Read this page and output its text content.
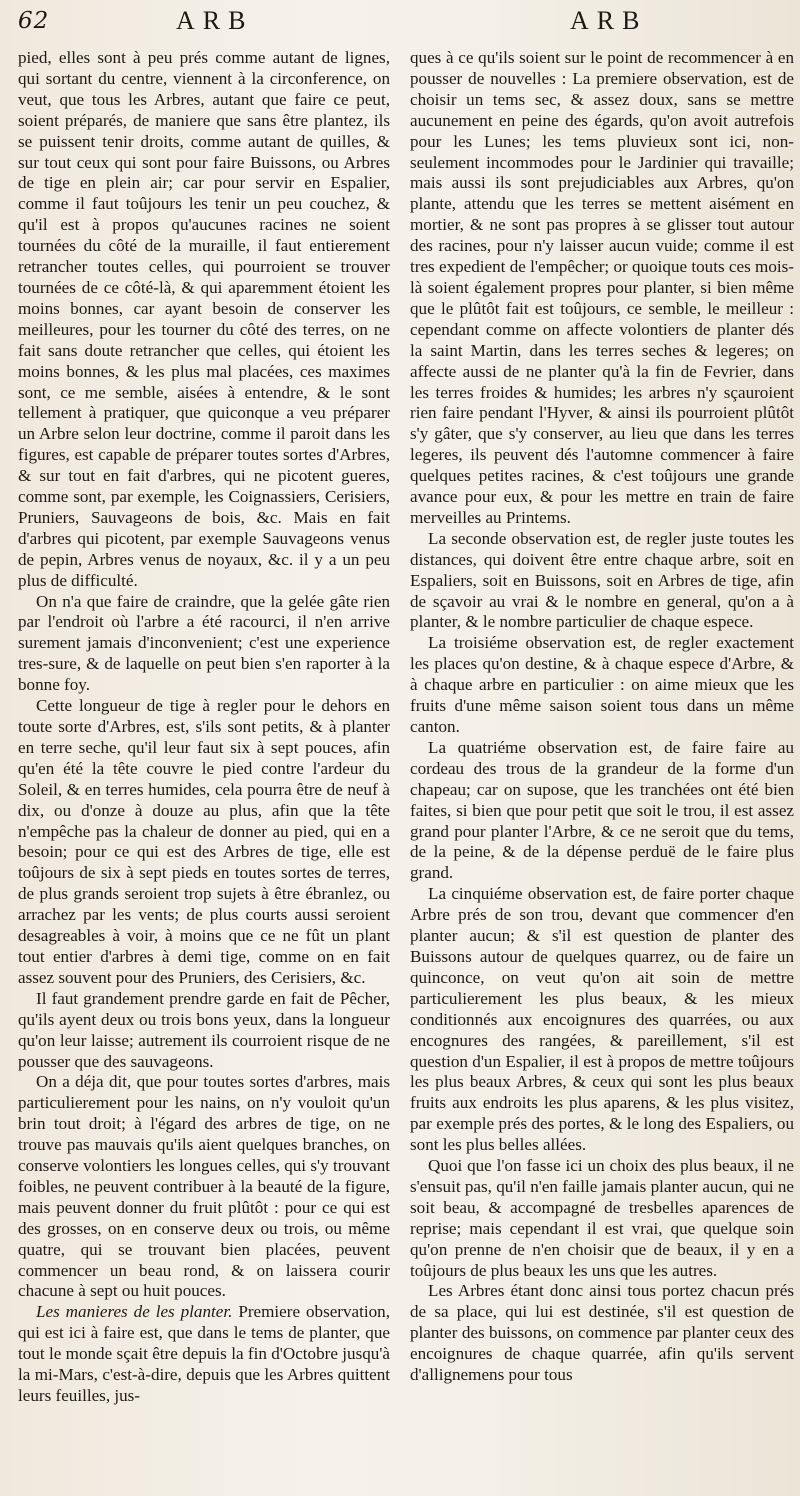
62	ARB	ARB

pied, elles sont à peu prés comme autant de lignes, qui sortant du centre, viennent à la circonference, on veut, que tous les Arbres, autant que faire ce peut, soient préparés, de maniere que sans être plantez, ils se puissent tenir droits, comme autant de quilles, & sur tout ceux qui sont pour faire Buissons, ou Arbres de tige en plein air; car pour servir en Espalier, comme il faut toûjours les tenir un peu couchez, & qu'il est à propos qu'aucunes racines ne soient tournées du côté de la muraille, il faut entierement retrancher toutes celles, qui pourroient se trouver tournées de ce côté-là, & qui aparemment étoient les moins bonnes, car ayant besoin de conserver les meilleures, pour les tourner du côté des terres, on ne fait sans doute retrancher que celles, qui étoient les moins bonnes, & les plus mal placées, ces maximes sont, ce me semble, aisées à entendre, & le sont tellement à pratiquer, que quiconque a veu préparer un Arbre selon leur doctrine, comme il paroit dans les figures, est capable de préparer toutes sortes d'Arbres, & sur tout en fait d'arbres, qui ne picotent gueres, comme sont, par exemple, les Coignassiers, Cerisiers, Pruniers, Sauvageons de bois, &c. Mais en fait d'arbres qui picotent, par exemple Sauvageons venus de pepin, Arbres venus de noyaux, &c. il y a un peu plus de difficulté.

On n'a que faire de craindre, que la gelée gâte rien par l'endroit où l'arbre a été racourci, il n'en arrive surement jamais d'inconvenient; c'est une experience tres-sure, & de laquelle on peut bien s'en raporter à la bonne foy.

Cette longueur de tige à regler pour le dehors en toute sorte d'Arbres, est, s'ils sont petits, & à planter en terre seche, qu'il leur faut six à sept pouces, afin qu'en été la tête couvre le pied contre l'ardeur du Soleil, & en terres humides, cela pourra être de neuf à dix, ou d'onze à douze au plus, afin que la tête n'empêche pas la chaleur de donner au pied, qui en a besoin; pour ce qui est des Arbres de tige, elle est toûjours de six à sept pieds en toutes sortes de terres, de plus grands seroient trop sujets à être ébranlez, ou arrachez par les vents; de plus courts aussi seroient desagreables à voir, à moins que ce ne fût un plant tout entier d'arbres à demi tige, comme on en fait assez souvent pour des Pruniers, des Cerisiers, &c.

Il faut grandement prendre garde en fait de Pêcher, qu'ils ayent deux ou trois bons yeux, dans la longueur qu'on leur laisse; autrement ils courroient risque de ne pousser que des sauvageons.

On a déja dit, que pour toutes sortes d'arbres, mais particulierement pour les nains, on n'y vouloit qu'un brin tout droit; à l'égard des arbres de tige, on ne trouve pas mauvais qu'ils aient quelques branches, on conserve volontiers les longues celles, qui s'y trouvant foibles, ne peuvent contribuer à la beauté de la figure, mais peuvent donner du fruit plûtôt : pour ce qui est des grosses, on en conserve deux ou trois, ou même quatre, qui se trouvant bien placées, peuvent commencer un beau rond, & on laissera courir chacune à sept ou huit pouces.

Les manieres de les planter. Premiere observation, qui est ici à faire est, que dans le tems de planter, que tout le monde sçait être depuis la fin d'Octobre jusqu'à la mi-Mars, c'est-à-dire, depuis que les Arbres quittent leurs feuilles, jus-

ques à ce qu'ils soient sur le point de recommencer à en pousser de nouvelles : La premiere observation, est de choisir un tems sec, & assez doux, sans se mettre aucunement en peine des égards, qu'on avoit autrefois pour les Lunes; les tems pluvieux sont ici, non-seulement incommodes pour le Jardinier qui travaille; mais aussi ils sont prejudiciables aux Arbres, qu'on plante, attendu que les terres se mettent aisément en mortier, & ne sont pas propres à se glisser tout autour des racines, pour n'y laisser aucun vuide; comme il est tres expedient de l'empêcher; or quoique touts ces mois-là soient également propres pour planter, si bien même que le plûtôt fait est toûjours, ce semble, le meilleur : cependant comme on affecte volontiers de planter dés la saint Martin, dans les terres seches & legeres; on affecte aussi de ne planter qu'à la fin de Fevrier, dans les terres froides & humides; les arbres n'y sçauroient rien faire pendant l'Hyver, & ainsi ils pourroient plûtôt s'y gâter, que s'y conserver, au lieu que dans les terres legeres, ils peuvent dés l'automne commencer à faire quelques petites racines, & c'est toûjours une grande avance pour eux, & pour les mettre en train de faire merveilles au Printems.

La seconde observation est, de regler juste toutes les distances, qui doivent être entre chaque arbre, soit en Espaliers, soit en Buissons, soit en Arbres de tige, afin de sçavoir au vrai & le nombre en general, qu'on a à planter, & le nombre particulier de chaque espece.

La troisiéme observation est, de regler exactement les places qu'on destine, & à chaque espece d'Arbre, & à chaque arbre en particulier : on aime mieux que les fruits d'une même saison soient tous dans un même canton.

La quatriéme observation est, de faire faire au cordeau des trous de la grandeur de la forme d'un chapeau; car on supose, que les tranchées ont été bien faites, si bien que pour petit que soit le trou, il est assez grand pour planter l'Arbre, & ce ne seroit que du tems, de la peine, & de la dépense perduë de le faire plus grand.

La cinquiéme observation est, de faire porter chaque Arbre prés de son trou, devant que commencer d'en planter aucun; & s'il est question de planter des Buissons autour de quelques quarrez, ou de faire un quinconce, on veut qu'on ait soin de mettre particulierement les plus beaux, & les mieux conditionnés aux encoignures des quarrées, ou aux encognures des rangées, & pareillement, s'il est question d'un Espalier, il est à propos de mettre toûjours les plus beaux Arbres, & ceux qui sont les plus beaux fruits aux endroits les plus aparens, & les plus visitez, par exemple prés des portes, & le long des Espaliers, ou sont les plus belles allées.

Quoi que l'on fasse ici un choix des plus beaux, il ne s'ensuit pas, qu'il n'en faille jamais planter aucun, qui ne soit beau, & accompagné de tresbelles aparences de reprise; mais cependant il est vrai, que quelque soin qu'on prenne de n'en choisir que de beaux, il y en a toûjours de plus beaux les uns que les autres.

Les Arbres étant donc ainsi tous portez chacun prés de sa place, qui lui est destinée, s'il est question de planter des buissons, on commence par planter ceux des encoignures de chaque quarrée, afin qu'ils servent d'allignemens pour tous
